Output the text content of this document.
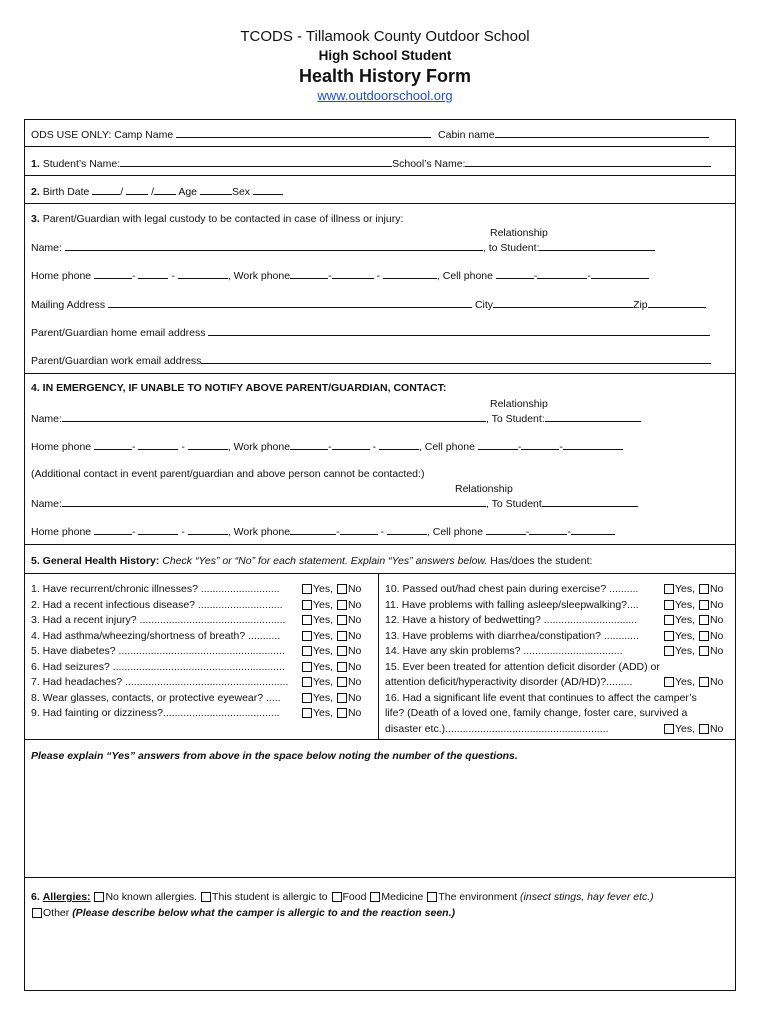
TCODS - Tillamook County Outdoor School
High School Student
Health History Form
www.outdoorschool.org
ODS USE ONLY: Camp Name	Cabin name
1. Student’s Name:	School’s Name:
2. Birth Date	/	/ Age	Sex
3. Parent/Guardian with legal custody to be contacted in case of illness or injury:
Relationship
Name:	, to Student:
Home phone	-	-	, Work phone	-	-	, Cell phone	-	-
Mailing Address	City	Zip
Parent/Guardian home email address
Parent/Guardian work email address
4. IN EMERGENCY, IF UNABLE TO NOTIFY ABOVE PARENT/GUARDIAN, CONTACT:
Relationship
Name:	, To Student:
Home phone	-	-	, Work phone	-	-	, Cell phone	-	-
(Additional contact in event parent/guardian and above person cannot be contacted:)
Relationship
Name:	, To Student
Home phone	-	-	, Work phone	-	-	, Cell phone	-	-
5. General Health History: Check “Yes” or “No” for each statement. Explain “Yes” answers below. Has/does the student:
Please explain “Yes” answers from above in the space below noting the number of the questions.
6. Allergies: No known allergies. This student is allergic to Food Medicine The environment (insect stings, hay fever etc.)
Other (Please describe below what the camper is allergic to and the reaction seen.)
1. Have recurrent/chronic illnesses? ...........................	Yes, No
2. Had a recent infectious disease? .............................	Yes, No
3. Had a recent injury? ..................................................	Yes, No
4. Had asthma/wheezing/shortness of breath? ...........	Yes, No
5. Have diabetes? .........................................................	Yes, No
6. Had seizures? ...........................................................	Yes, No
7. Had headaches? ........................................................	Yes, No
8. Wear glasses, contacts, or protective eyewear? .....	Yes, No
9. Had fainting or dizziness?........................................	Yes, No
10. Passed out/had chest pain during exercise? ..........	Yes, No
11. Have problems with falling asleep/sleepwalking?....	Yes, No
12. Have a history of bedwetting? ................................	Yes, No
13. Have problems with diarrhea/constipation? ............	Yes, No
14. Have any skin problems? ..................................	Yes, No
15. Ever been treated for attention deficit disorder (ADD) or
attention deficit/hyperactivity disorder (AD/HD)?.........	Yes, No
16. Had a significant life event that continues to affect the camper’s
life? (Death of a loved one, family change, foster care, survived a
disaster etc.)........................................................	Yes, No
